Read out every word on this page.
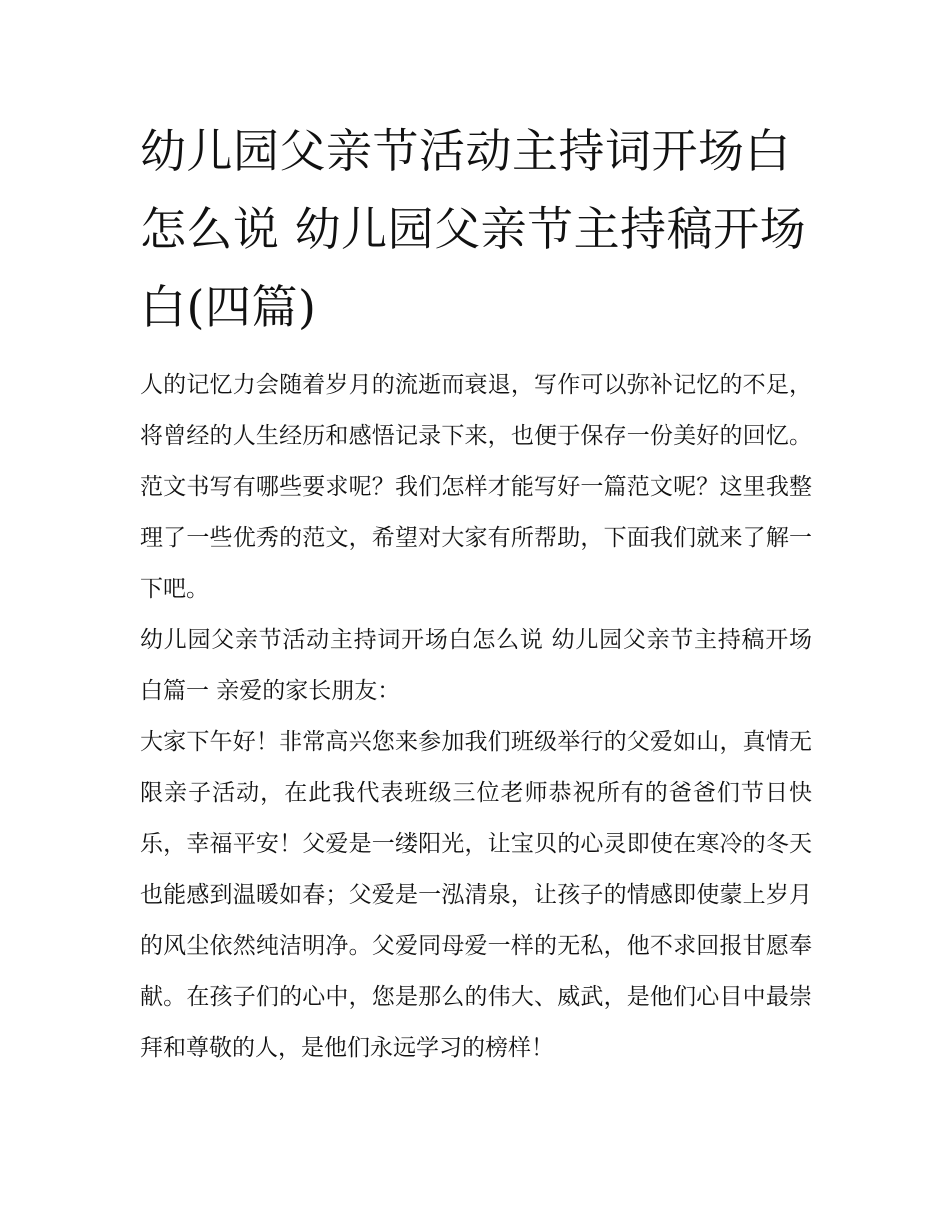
幼儿园父亲节活动主持词开场白怎么说 幼儿园父亲节主持稿开场白(四篇)

人的记忆力会随着岁月的流逝而衰退，写作可以弥补记忆的不足，将曾经的人生经历和感悟记录下来，也便于保存一份美好的回忆。范文书写有哪些要求呢？我们怎样才能写好一篇范文呢？这里我整理了一些优秀的范文，希望对大家有所帮助，下面我们就来了解一下吧。

幼儿园父亲节活动主持词开场白怎么说 幼儿园父亲节主持稿开场白篇一 亲爱的家长朋友：

大家下午好！非常高兴您来参加我们班级举行的父爱如山，真情无限亲子活动，在此我代表班级三位老师恭祝所有的爸爸们节日快乐，幸福平安！父爱是一缕阳光，让宝贝的心灵即使在寒冷的冬天也能感到温暖如春；父爱是一泓清泉，让孩子的情感即使蒙上岁月的风尘依然纯洁明净。父爱同母爱一样的无私，他不求回报甘愿奉献。在孩子们的心中，您是那么的伟大、威武，是他们心目中最崇拜和尊敬的人，是他们永远学习的榜样！
